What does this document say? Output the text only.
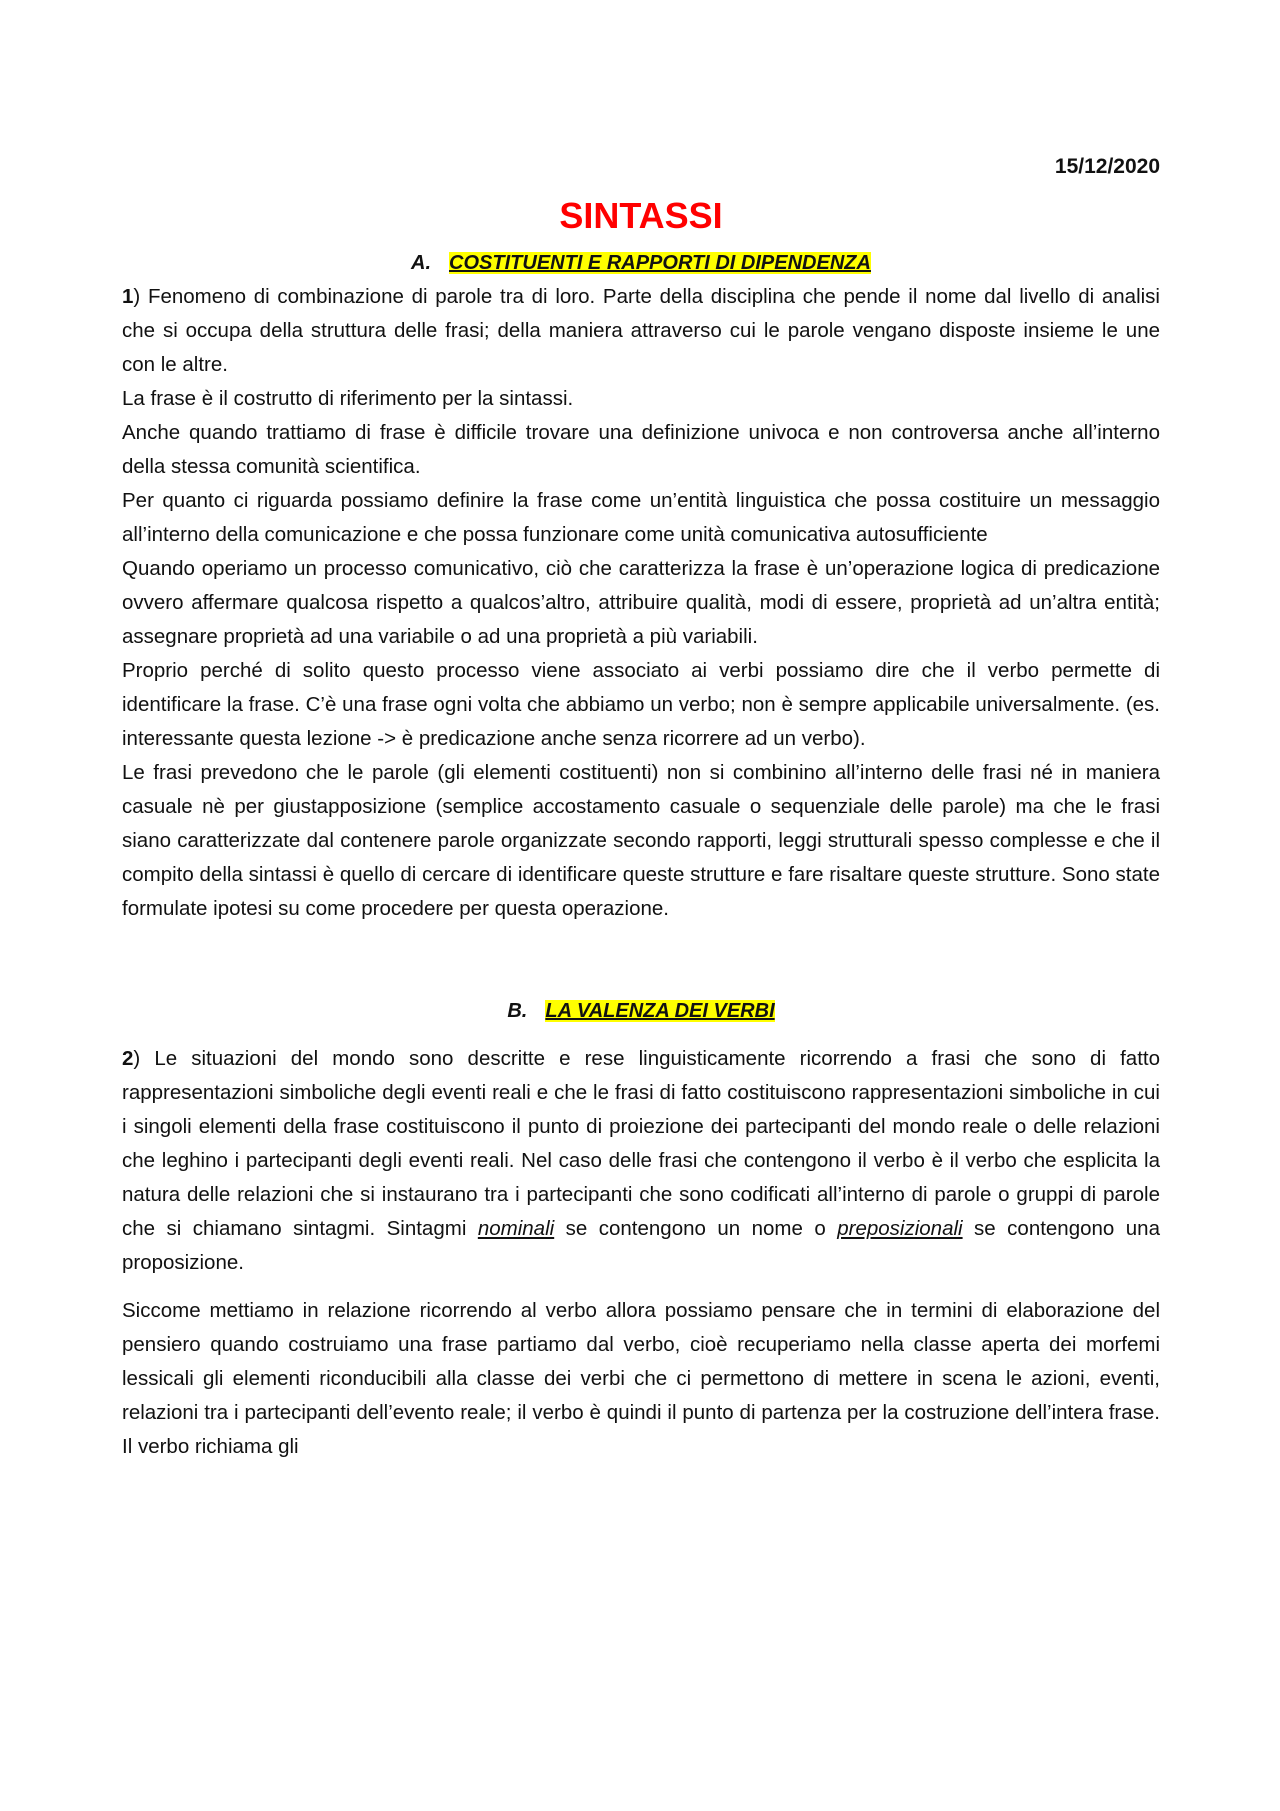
15/12/2020

SINTASSI
A. COSTITUENTI E RAPPORTI DI DIPENDENZA

1) Fenomeno di combinazione di parole tra di loro. Parte della disciplina che pende il nome dal livello di analisi che si occupa della struttura delle frasi; della maniera attraverso cui le parole vengano disposte insieme le une con le altre.

La frase è il costrutto di riferimento per la sintassi.

Anche quando trattiamo di frase è difficile trovare una definizione univoca e non controversa anche all’interno della stessa comunità scientifica.

Per quanto ci riguarda possiamo definire la frase come un’entità linguistica che possa costituire un messaggio all’interno della comunicazione e che possa funzionare come unità comunicativa autosufficiente

Quando operiamo un processo comunicativo, ciò che caratterizza la frase è un’operazione logica di predicazione ovvero affermare qualcosa rispetto a qualcos’altro, attribuire qualità, modi di essere, proprietà ad un’altra entità; assegnare proprietà ad una variabile o ad una proprietà a più variabili.

Proprio perché di solito questo processo viene associato ai verbi possiamo dire che il verbo permette di identificare la frase. C’è una frase ogni volta che abbiamo un verbo; non è sempre applicabile universalmente. (es. interessante questa lezione -> è predicazione anche senza ricorrere ad un verbo).

Le frasi prevedono che le parole (gli elementi costituenti) non si combinino all’interno delle frasi né in maniera casuale nè per giustapposizione (semplice accostamento casuale o sequenziale delle parole) ma che le frasi siano caratterizzate dal contenere parole organizzate secondo rapporti, leggi strutturali spesso complesse e che il compito della sintassi è quello di cercare di identificare queste strutture e fare risaltare queste strutture. Sono state formulate ipotesi su come procedere per questa operazione.

B. LA VALENZA DEI VERBI

2) Le situazioni del mondo sono descritte e rese linguisticamente ricorrendo a frasi che sono di fatto rappresentazioni simboliche degli eventi reali e che le frasi di fatto costituiscono rappresentazioni simboliche in cui i singoli elementi della frase costituiscono il punto di proiezione dei partecipanti del mondo reale o delle relazioni che leghino i partecipanti degli eventi reali. Nel caso delle frasi che contengono il verbo è il verbo che esplicita la natura delle relazioni che si instaurano tra i partecipanti che sono codificati all’interno di parole o gruppi di parole che si chiamano sintagmi. Sintagmi nominali se contengono un nome o preposizionali se contengono una proposizione.

Siccome mettiamo in relazione ricorrendo al verbo allora possiamo pensare che in termini di elaborazione del pensiero quando costruiamo una frase partiamo dal verbo, cioè recuperiamo nella classe aperta dei morfemi lessicali gli elementi riconducibili alla classe dei verbi che ci permettono di mettere in scena le azioni, eventi, relazioni tra i partecipanti dell’evento reale; il verbo è quindi il punto di partenza per la costruzione dell’intera frase. Il verbo richiama gli
